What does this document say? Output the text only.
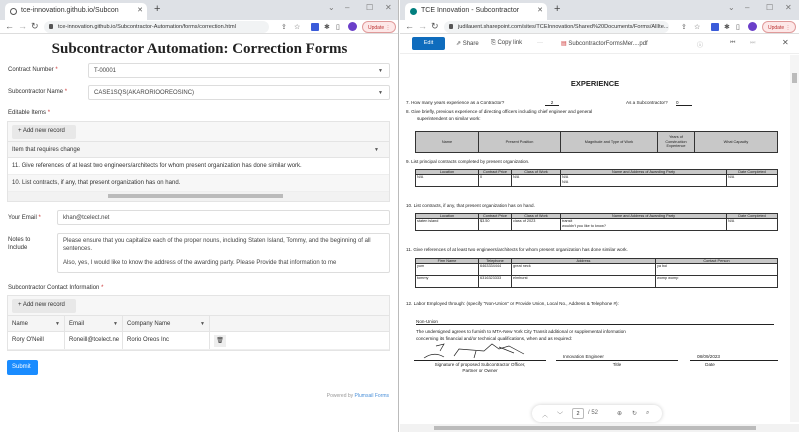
tce-innovation.github.io/Subcon	✕ +	⌄ – ☐ ✕
← → ↻	tce-innovation.github.io/Subcontractor-Automation/forms/correction.html	⇪ ☆	✱ ▯	Update ⋮
Subcontractor Automation: Correction Forms
Contract Number *	T-00001	▼
Subcontractor Name *	CASE1SQS(AKARORIOOREOSINC)	▼
Editable Items *
+ Add new record
Item that requires change	▼
11. Give references of at least two engineers/architects for whom present organization has done similar work.
10. List contracts, if any, that present organization has on hand.
Your Email *	khan@tcelect.net
Notes to Include
Please ensure that you capitalize each of the proper nouns, including Staten Island, Tommy, and the beginning of all sentences.
Also, yes, I would like to know the address of the awarding party. Please Provide that information to me
Subcontractor Contact Information *
+ Add new record
Name	▼	Email	▼	Company Name	▼
Rory O'Neill	Roneill@tcelect.ne	Rorio Oreos Inc	🗑
Submit
Powered by Plumsail Forms
TCE Innovation - Subcontractor	✕ +	⌄ – ☐ ✕
← → ↻	judilauent.sharepoint.com/sites/TCEInnovation/Shared%20Documents/Forms/AllIte... ⇪ ☆	✱ ▯	Update ⋮
Edit	⇗ Share ⎘ Copy link ···	▤ SubcontractorFormsMer....pdf	ⓘ	⏮ ⏭	✕
EXPERIENCE
7. How many years experience as a Contractor?	2	As a Subcontractor? 0
8. Give briefly, previous experience of directing officers including chief engineer and general
superintendent on similar work:
Name	Present Position	Magnitude and Type of Work	Years of Construction Experience	What Capacity
9. List principal contracts completed by present organization.
Location	Contract Price	Class of Work	Name and Address of Awarding Party	Date Completed
N/A	0	N/A	N/A
N/A	N/A
10. List contracts, if any, that present organization has on hand.
Location	Contract Price	Class of Work	Name and Address of Awarding Party	Date Completed
staten island	$3.50	class of 2023	transit
wouldn't you like to know?	N/A
11. Give references of at least two engineers/architects for whom present organization has done similar work.
Firm Name	Telephone	Address	Contact Person
yum	6463334444	great neck	ya boi
tommy	6316323333	elmhurst	womp womp
12. Labor Employed through: (specify "Non-Union" or Provide Union, Local No., Address & Telephone #):
Non-Union
The undersigned agrees to furnish to MTA-New York City Transit additional or supplemental information
concerning its financial and/or technical qualifications, when and as required:
Signature of proposed Subcontractor Officer,
Partner or Owner
Innovation Engineer
Title
08/09/2023
Date
︿ ﹀	2	/ 52	⊕ ↻ ⌕
